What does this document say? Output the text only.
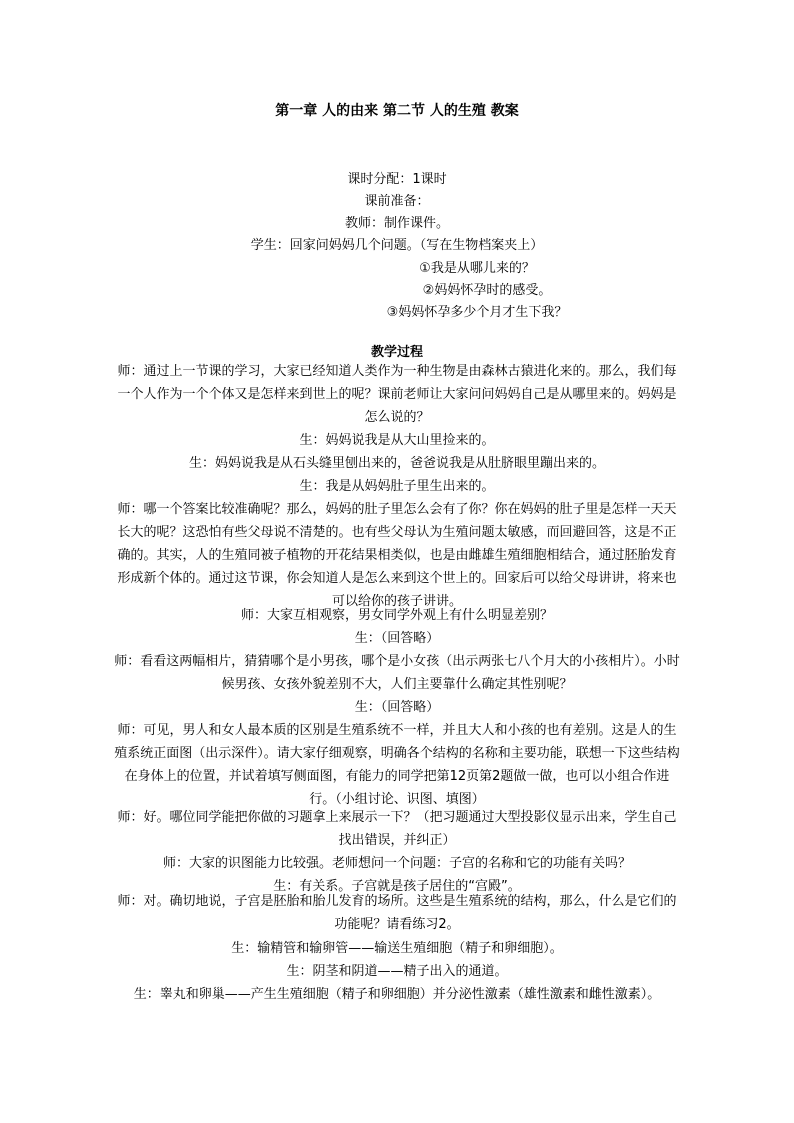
第一章 人的由来 第二节 人的生殖 教案
课时分配：1课时
课前准备：
教师：制作课件。
学生：回家问妈妈几个问题。（写在生物档案夹上）
①我是从哪儿来的？
②妈妈怀孕时的感受。
③妈妈怀孕多少个月才生下我？
教学过程
师：通过上一节课的学习，大家已经知道人类作为一种生物是由森林古猿进化来的。那么，我们每一个人作为一个个体又是怎样来到世上的呢？课前老师让大家问问妈妈自己是从哪里来的。妈妈是怎么说的？
生：妈妈说我是从大山里捡来的。
生：妈妈说我是从石头缝里刨出来的，爸爸说我是从肚脐眼里蹦出来的。
生：我是从妈妈肚子里生出来的。
师：哪一个答案比较准确呢？那么，妈妈的肚子里怎么会有了你？你在妈妈的肚子里是怎样一天天长大的呢？这恐怕有些父母说不清楚的。也有些父母认为生殖问题太敏感，而回避回答，这是不正确的。其实，人的生殖同被子植物的开花结果相类似，也是由雌雄生殖细胞相结合，通过胚胎发育形成新个体的。通过这节课，你会知道人是怎么来到这个世上的。回家后可以给父母讲讲，将来也可以给你的孩子讲讲。
师：大家互相观察，男女同学外观上有什么明显差别？
生：（回答略）
师：看看这两幅相片，猜猜哪个是小男孩，哪个是小女孩（出示两张七八个月大的小孩相片）。小时候男孩、女孩外貌差别不大，人们主要靠什么确定其性别呢？
生：（回答略）
师：可见，男人和女人最本质的区别是生殖系统不一样，并且大人和小孩的也有差别。这是人的生殖系统正面图（出示深件）。请大家仔细观察，明确各个结构的名称和主要功能，联想一下这些结构在身体上的位置，并试着填写侧面图，有能力的同学把第12页第2题做一做，也可以小组合作进行。（小组讨论、识图、填图）
师：好。哪位同学能把你做的习题拿上来展示一下？（把习题通过大型投影仪显示出来，学生自己找出错误，并纠正）
师：大家的识图能力比较强。老师想问一个问题：子宫的名称和它的功能有关吗？
生：有关系。子宫就是孩子居住的“宫殿”。
师：对。确切地说，子宫是胚胎和胎儿发育的场所。这些是生殖系统的结构，那么，什么是它们的功能呢？请看练习2。
生：输精管和输卵管——输送生殖细胞（精子和卵细胞）。
生：阴茎和阴道——精子出入的通道。
生：睾丸和卵巢——产生生殖细胞（精子和卵细胞）并分泌性激素（雄性激素和雌性激素）。
